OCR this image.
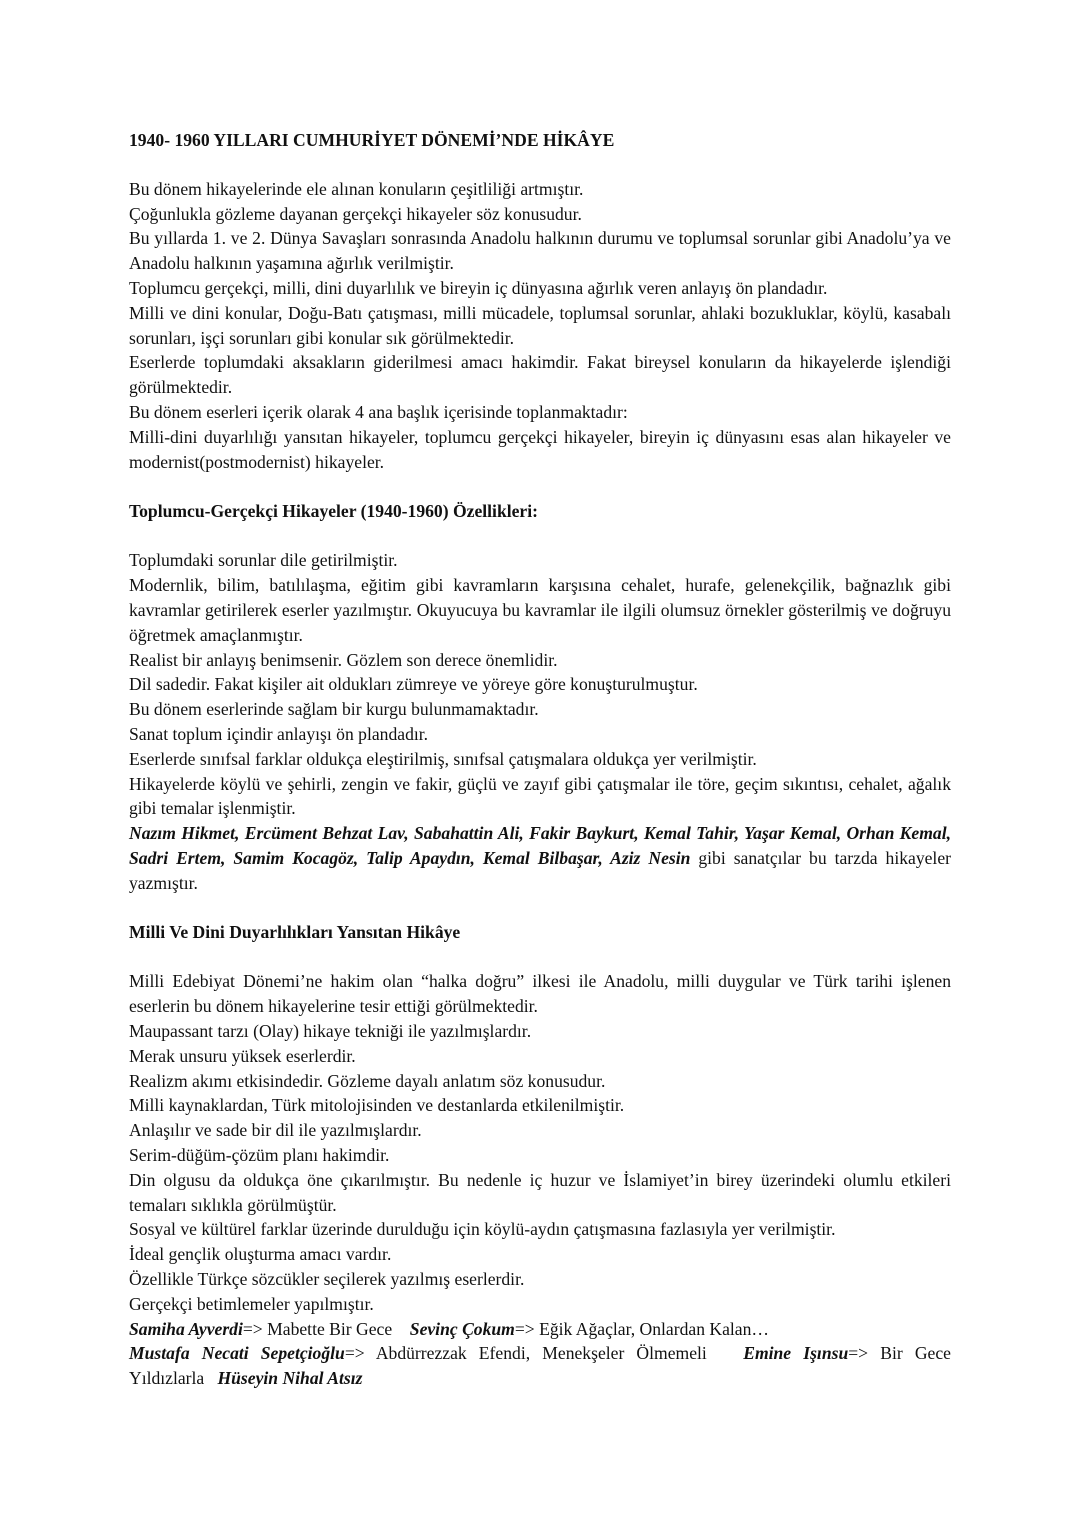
1940- 1960 YILLARI CUMHURİYET DÖNEMİ’NDE HİKÂYE

Bu dönem hikayelerinde ele alınan konuların çeşitliliği artmıştır.

Çoğunlukla gözleme dayanan gerçekçi hikayeler söz konusudur.

Bu yıllarda 1. ve 2. Dünya Savaşları sonrasında Anadolu halkının durumu ve toplumsal sorunlar gibi Anadolu’ya ve Anadolu halkının yaşamına ağırlık verilmiştir.

Toplumcu gerçekçi, milli, dini duyarlılık ve bireyin iç dünyasına ağırlık veren anlayış ön plandadır.

Milli ve dini konular, Doğu-Batı çatışması, milli mücadele, toplumsal sorunlar, ahlaki bozukluklar, köylü, kasabalı sorunları, işçi sorunları gibi konular sık görülmektedir.

Eserlerde toplumdaki aksakların giderilmesi amacı hakimdir. Fakat bireysel konuların da hikayelerde işlendiği görülmektedir.

Bu dönem eserleri içerik olarak 4 ana başlık içerisinde toplanmaktadır:

Milli-dini duyarlılığı yansıtan hikayeler, toplumcu gerçekçi hikayeler, bireyin iç dünyasını esas alan hikayeler ve modernist(postmodernist) hikayeler.

Toplumcu-Gerçekçi Hikayeler (1940-1960) Özellikleri:

Toplumdaki sorunlar dile getirilmiştir.

Modernlik, bilim, batılılaşma, eğitim gibi kavramların karşısına cehalet, hurafe, gelenekçilik, bağnazlık gibi kavramlar getirilerek eserler yazılmıştır. Okuyucuya bu kavramlar ile ilgili olumsuz örnekler gösterilmiş ve doğruyu öğretmek amaçlanmıştır.

Realist bir anlayış benimsenir. Gözlem son derece önemlidir.

Dil sadedir. Fakat kişiler ait oldukları zümreye ve yöreye göre konuşturulmuştur.

Bu dönem eserlerinde sağlam bir kurgu bulunmamaktadır.

Sanat toplum içindir anlayışı ön plandadır.

Eserlerde sınıfsal farklar oldukça eleştirilmiş, sınıfsal çatışmalara oldukça yer verilmiştir.

Hikayelerde köylü ve şehirli, zengin ve fakir, güçlü ve zayıf gibi çatışmalar ile töre, geçim sıkıntısı, cehalet, ağalık gibi temalar işlenmiştir.

Nazım Hikmet, Ercüment Behzat Lav, Sabahattin Ali, Fakir Baykurt, Kemal Tahir, Yaşar Kemal, Orhan Kemal, Sadri Ertem, Samim Kocagöz, Talip Apaydın, Kemal Bilbaşar, Aziz Nesin gibi sanatçılar bu tarzda hikayeler yazmıştır.

Milli Ve Dini Duyarlılıkları Yansıtan Hikâye

Milli Edebiyat Dönemi’ne hakim olan “halka doğru” ilkesi ile Anadolu, milli duygular ve Türk tarihi işlenen eserlerin bu dönem hikayelerine tesir ettiği görülmektedir.

Maupassant tarzı (Olay) hikaye tekniği ile yazılmışlardır.

Merak unsuru yüksek eserlerdir.

Realizm akımı etkisindedir. Gözleme dayalı anlatım söz konusudur.

Milli kaynaklardan, Türk mitolojisinden ve destanlarda etkilenilmiştir.

Anlaşılır ve sade bir dil ile yazılmışlardır.

Serim-düğüm-çözüm planı hakimdir.

Din olgusu da oldukça öne çıkarılmıştır. Bu nedenle iç huzur ve İslamiyet’in birey üzerindeki olumlu etkileri temaları sıklıkla görülmüştür.

Sosyal ve kültürel farklar üzerinde durulduğu için köylü-aydın çatışmasına fazlasıyla yer verilmiştir.

İdeal gençlik oluşturma amacı vardır.

Özellikle Türkçe sözcükler seçilerek yazılmış eserlerdir.

Gerçekçi betimlemeler yapılmıştır.

Samiha Ayverdi=> Mabette Bir Gece Sevinç Çokum=> Eğik Ağaçlar, Onlardan Kalan…

Mustafa Necati Sepetçioğlu=> Abdürrezzak Efendi, Menekşeler Ölmemeli Emine Işınsu=> Bir Gece Yıldızlarla Hüseyin Nihal Atsız
